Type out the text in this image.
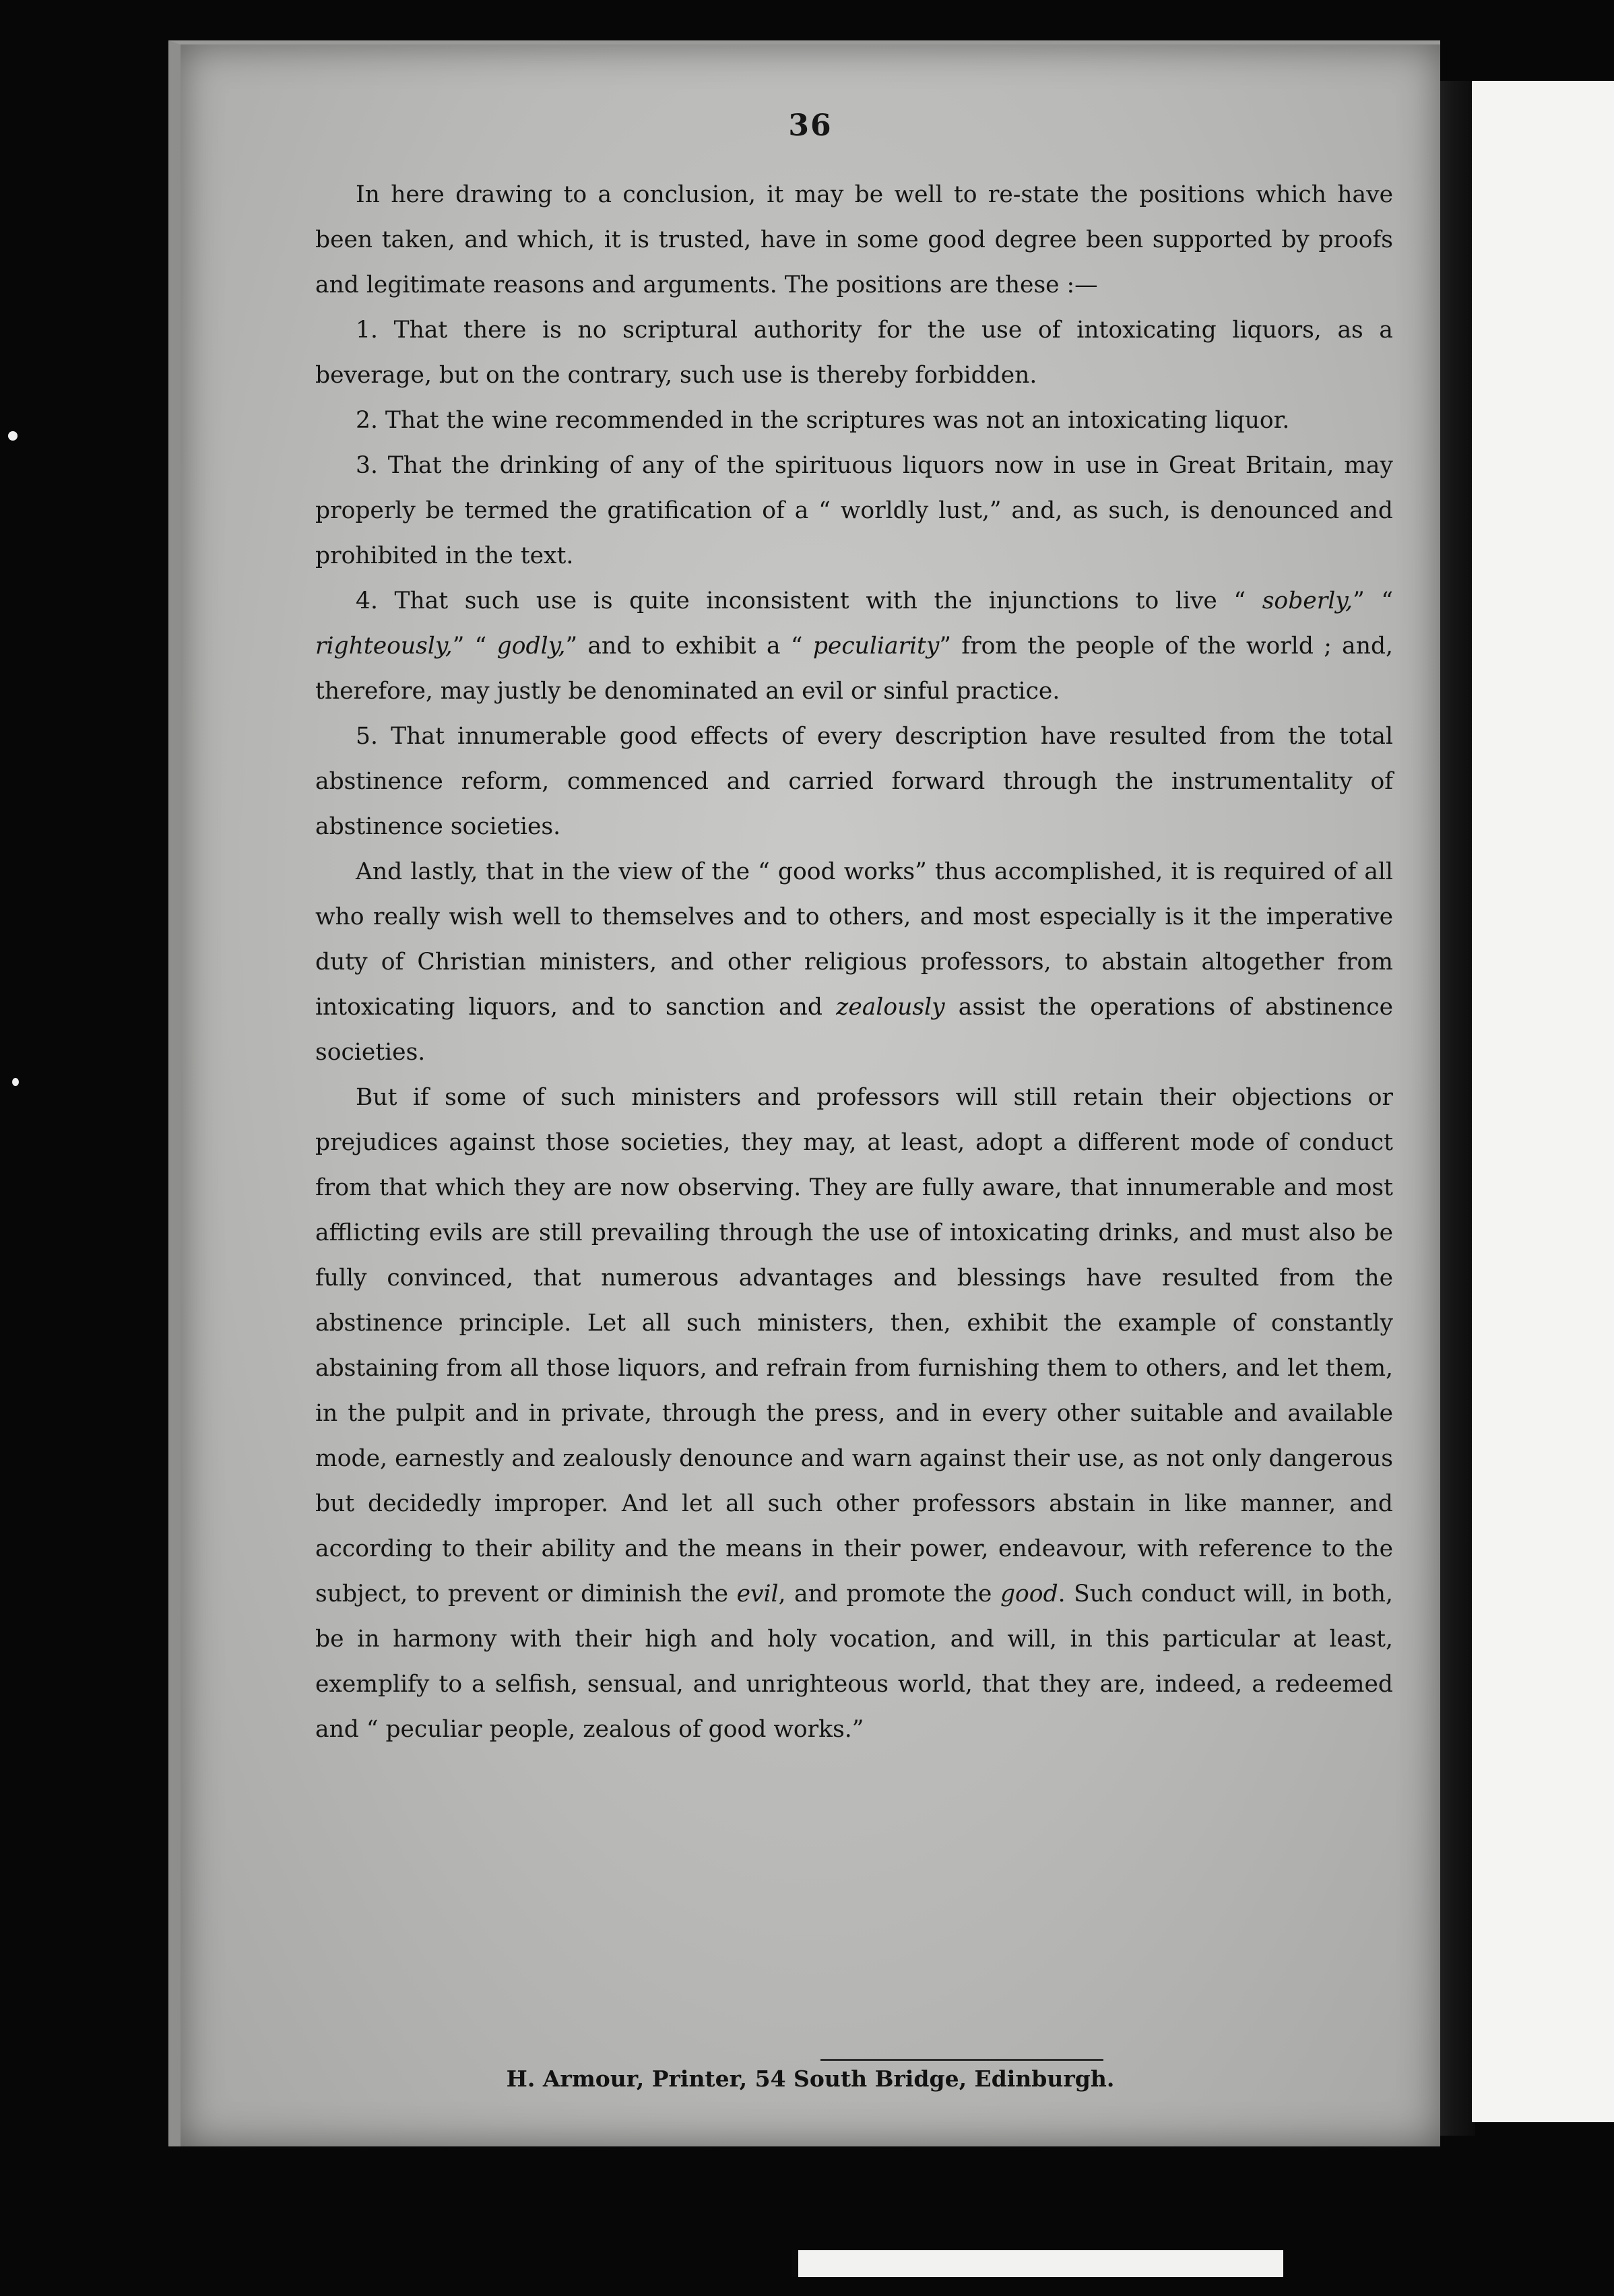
36

In here drawing to a conclusion, it may be well to re-state the positions which have been taken, and which, it is trusted, have in some good degree been supported by proofs and legitimate reasons and arguments. The positions are these :—

1. That there is no scriptural authority for the use of intoxicating liquors, as a beverage, but on the contrary, such use is thereby forbidden.

2. That the wine recommended in the scriptures was not an intoxicating liquor.

3. That the drinking of any of the spirituous liquors now in use in Great Britain, may properly be termed the gratification of a “ worldly lust,” and, as such, is denounced and prohibited in the text.

4. That such use is quite inconsistent with the injunctions to live “ soberly,” “ righteously,” “ godly,” and to exhibit a “ peculiarity” from the people of the world ; and, therefore, may justly be denominated an evil or sinful practice.

5. That innumerable good effects of every description have resulted from the total abstinence reform, commenced and carried forward through the instrumentality of abstinence societies.

And lastly, that in the view of the “ good works” thus accomplished, it is required of all who really wish well to themselves and to others, and most especially is it the imperative duty of Christian ministers, and other religious professors, to abstain altogether from intoxicating liquors, and to sanction and zealously assist the operations of abstinence societies.

But if some of such ministers and professors will still retain their objections or prejudices against those societies, they may, at least, adopt a different mode of conduct from that which they are now observing. They are fully aware, that innumerable and most afflicting evils are still prevailing through the use of intoxicating drinks, and must also be fully convinced, that numerous advantages and blessings have resulted from the abstinence principle. Let all such ministers, then, exhibit the example of constantly abstaining from all those liquors, and refrain from furnishing them to others, and let them, in the pulpit and in private, through the press, and in every other suitable and available mode, earnestly and zealously denounce and warn against their use, as not only dangerous but decidedly improper. And let all such other professors abstain in like manner, and according to their ability and the means in their power, endeavour, with reference to the subject, to prevent or diminish the evil, and promote the good. Such conduct will, in both, be in harmony with their high and holy vocation, and will, in this particular at least, exemplify to a selfish, sensual, and unrighteous world, that they are, indeed, a redeemed and “ peculiar people, zealous of good works.”

H. Armour, Printer, 54 South Bridge, Edinburgh.
